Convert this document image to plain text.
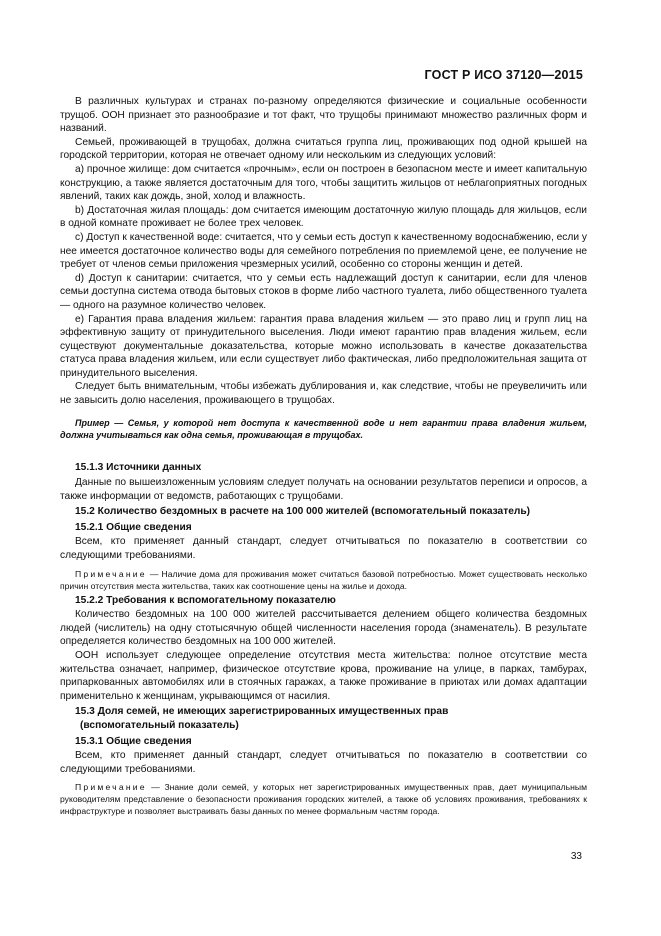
ГОСТ Р ИСО 37120—2015

В различных культурах и странах по-разному определяются физические и социальные особенности трущоб. ООН признает это разнообразие и тот факт, что трущобы принимают множество различных форм и названий.

Семьей, проживающей в трущобах, должна считаться группа лиц, проживающих под одной крышей на городской территории, которая не отвечает одному или нескольким из следующих условий:

а) прочное жилище: дом считается «прочным», если он построен в безопасном месте и имеет капитальную конструкцию, а также является достаточным для того, чтобы защитить жильцов от неблагоприятных погодных явлений, таких как дождь, зной, холод и влажность.

b) Достаточная жилая площадь: дом считается имеющим достаточную жилую площадь для жильцов, если в одной комнате проживает не более трех человек.

с) Доступ к качественной воде: считается, что у семьи есть доступ к качественному водоснабжению, если у нее имеется достаточное количество воды для семейного потребления по приемлемой цене, ее получение не требует от членов семьи приложения чрезмерных усилий, особенно со стороны женщин и детей.

d) Доступ к санитарии: считается, что у семьи есть надлежащий доступ к санитарии, если для членов семьи доступна система отвода бытовых стоков в форме либо частного туалета, либо общественного туалета — одного на разумное количество человек.

е) Гарантия права владения жильем: гарантия права владения жильем — это право лиц и групп лиц на эффективную защиту от принудительного выселения. Люди имеют гарантию прав владения жильем, если существуют документальные доказательства, которые можно использовать в качестве доказательства статуса права владения жильем, или если существует либо фактическая, либо предположительная защита от принудительного выселения.

Следует быть внимательным, чтобы избежать дублирования и, как следствие, чтобы не преувеличить или не завысить долю населения, проживающего в трущобах.

Пример — Семья, у которой нет доступа к качественной воде и нет гарантии права владения жильем, должна учитываться как одна семья, проживающая в трущобах.

15.1.3 Источники данных

Данные по вышеизложенным условиям следует получать на основании результатов переписи и опросов, а также информации от ведомств, работающих с трущобами.

15.2 Количество бездомных в расчете на 100 000 жителей (вспомогательный показатель)

15.2.1 Общие сведения

Всем, кто применяет данный стандарт, следует отчитываться по показателю в соответствии со следующими требованиями.

Примечание — Наличие дома для проживания может считаться базовой потребностью. Может существовать несколько причин отсутствия места жительства, таких как соотношение цены на жилье и дохода.

15.2.2 Требования к вспомогательному показателю

Количество бездомных на 100 000 жителей рассчитывается делением общего количества бездомных людей (числитель) на одну стотысячную общей численности населения города (знаменатель). В результате определяется количество бездомных на 100 000 жителей.

ООН использует следующее определение отсутствия места жительства: полное отсутствие места жительства означает, например, физическое отсутствие крова, проживание на улице, в парках, тамбурах, припаркованных автомобилях или в стоячных гаражах, а также проживание в приютах или домах адаптации применительно к женщинам, укрывающимся от насилия.

15.3 Доля семей, не имеющих зарегистрированных имущественных прав

(вспомогательный показатель)

15.3.1 Общие сведения

Всем, кто применяет данный стандарт, следует отчитываться по показателю в соответствии со следующими требованиями.

Примечание — Знание доли семей, у которых нет зарегистрированных имущественных прав, дает муниципальным руководителям представление о безопасности проживания городских жителей, а также об условиях проживания, требованиях к инфраструктуре и позволяет выстраивать базы данных по менее формальным частям города.

33
